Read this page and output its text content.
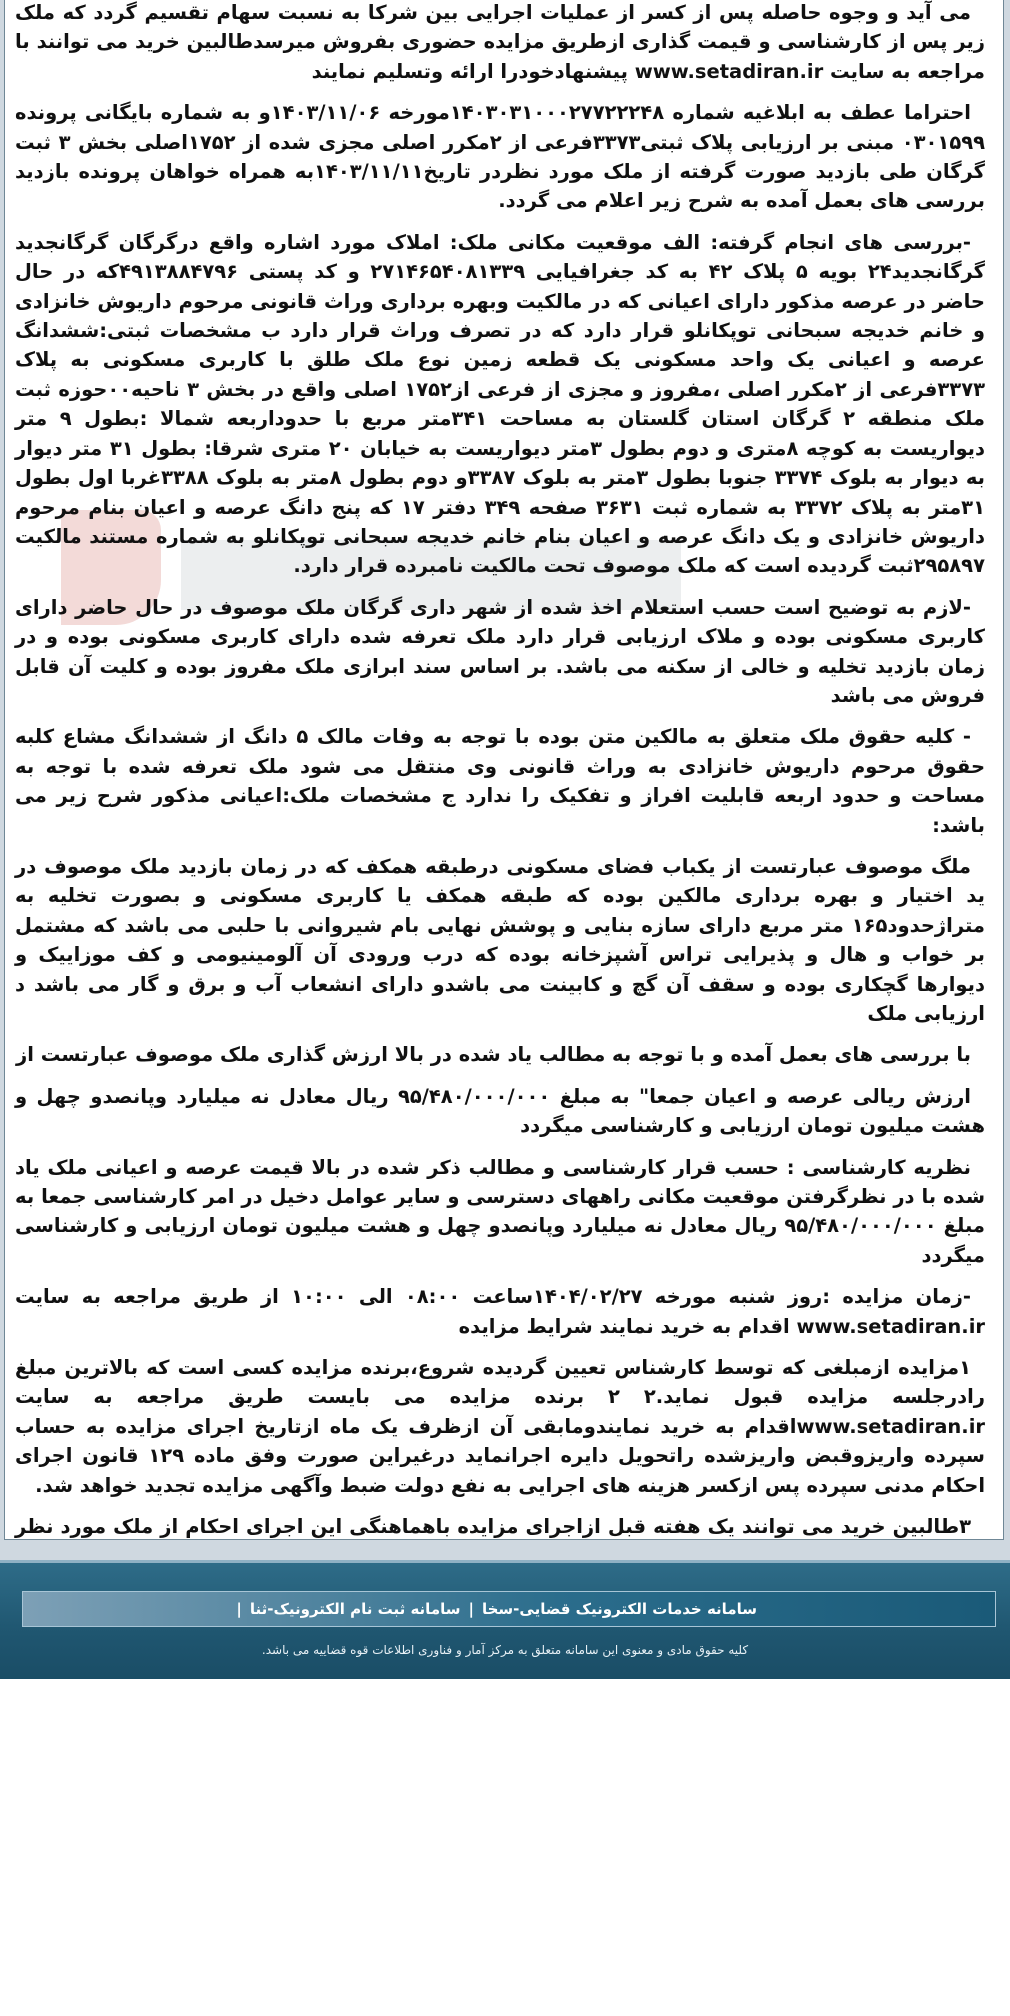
می آید و وجوه حاصله پس از کسر از عملیات اجرایی بین شرکا به نسبت سهام تقسیم گردد که ملک زیر پس از کارشناسی و قیمت گذاری ازطریق مزایده حضوری بفروش میرسدطالبین خرید می توانند با مراجعه به سایت www.setadiran.ir پیشنهادخودرا ارائه وتسلیم نمایند

احتراما عطف به ابلاغیه شماره ۱۴۰۳۰۳۱۰۰۰۲۷۷۲۲۲۴۸مورخه ۱۴۰۳/۱۱/۰۶و به شماره بایگانی پرونده ۰۳۰۱۵۹۹ مبنی بر ارزیابی پلاک ثبتی۳۳۷۳فرعی از ۲مکرر اصلی مجزی شده از ۱۷۵۲اصلی بخش ۳ ثبت گرگان طی بازدید صورت گرفته از ملک مورد نظردر تاریخ۱۴۰۳/۱۱/۱۱به همراه خواهان پرونده بازدید بررسی های بعمل آمده به شرح زیر اعلام می گردد.

-بررسی های انجام گرفته: الف موقعیت مکانی ملک: املاک مورد اشاره واقع درگرگان گرگانجدید گرگانجدید۲۴ بویه ۵ پلاک ۴۲ به کد جغرافیایی ۲۷۱۴۶۵۴۰۸۱۳۳۹ و کد پستی ۴۹۱۳۸۸۴۷۹۶که در حال حاضر در عرصه مذکور دارای اعیانی که در مالکیت وبهره برداری وراث قانونی مرحوم داریوش خانزادی و خانم خدیجه سبحانی توپکانلو قرار دارد که در تصرف وراث قرار دارد ب مشخصات ثبتی:ششدانگ عرصه و اعیانی یک واحد مسکونی یک قطعه زمین نوع ملک طلق با کاربری مسکونی به پلاک ۳۳۷۳فرعی از ۲مکرر اصلی ،مفروز و مجزی از فرعی از۱۷۵۲ اصلی واقع در بخش ۳ ناحیه۰۰حوزه ثبت ملک منطقه ۲ گرگان استان گلستان به مساحت ۳۴۱متر مربع با حدوداربعه شمالا :بطول ۹ متر دیواریست به کوچه ۸متری و دوم بطول ۳متر دیواریست به خیابان ۲۰ متری شرقا: بطول ۳۱ متر دیوار به دیوار به بلوک ۳۳۷۴ جنوبا بطول ۳متر به بلوک ۳۳۸۷و دوم بطول ۸متر به بلوک ۳۳۸۸غربا اول بطول ۳۱متر به پلاک ۳۳۷۲ به شماره ثبت ۳۶۳۱ صفحه ۳۴۹ دفتر ۱۷ که پنج دانگ عرصه و اعیان بنام مرحوم داریوش خانزادی و یک دانگ عرصه و اعیان بنام خانم خدیجه سبحانی توپکانلو به شماره مستند مالکیت ۲۹۵۸۹۷ثبت گردیده است که ملک موصوف تحت مالکیت نامبرده قرار دارد.

-لازم به توضیح است حسب استعلام اخذ شده از شهر داری گرگان ملک موصوف در حال حاضر دارای کاربری مسکونی بوده و ملاک ارزیابی قرار دارد ملک تعرفه شده دارای کاربری مسکونی بوده و در زمان بازدید تخلیه و خالی از سکنه می باشد. بر اساس سند ابرازی ملک مفروز بوده و کلیت آن قابل فروش می باشد

- کلیه حقوق ملک متعلق به مالکین متن بوده با توجه به وفات مالک ۵ دانگ از ششدانگ مشاع کلبه حقوق مرحوم داریوش خانزادی به وراث قانونی وی منتقل می شود ملک تعرفه شده با توجه به مساحت و حدود اربعه قابلیت افراز و تفکیک را ندارد ج مشخصات ملک:اعیانی مذکور شرح زیر می باشد:

ملگ موصوف عبارتست از یکباب فضای مسکونی درطبقه همکف که در زمان بازدید ملک موصوف در ید اختیار و بهره برداری مالکین بوده که طبقه همکف یا کاربری مسکونی و بصورت تخلیه به متراژحدود۱۶۵ متر مربع دارای سازه بنایی و پوشش نهایی بام شیروانی با حلبی می باشد که مشتمل بر خواب و هال و پذیرایی تراس آشپزخانه بوده که درب ورودی آن آلومینیومی و کف موزاییک و دیوارها گچکاری بوده و سقف آن گچ و کابینت می باشدو دارای انشعاب آب و برق و گار می باشد د ارزیابی ملک

با بررسی های بعمل آمده و با توجه به مطالب یاد شده در بالا ارزش گذاری ملک موصوف عبارتست از

ارزش ریالی عرصه و اعیان جمعا" به مبلغ ۹۵/۴۸۰/۰۰۰/۰۰۰ ریال معادل نه میلیارد وپانصدو چهل و هشت میلیون تومان ارزیابی و کارشناسی میگردد

نظریه کارشناسی : حسب قرار کارشناسی و مطالب ذکر شده در بالا قیمت عرصه و اعیانی ملک یاد شده با در نظرگرفتن موقعیت مکانی راههای دسترسی و سایر عوامل دخیل در امر کارشناسی جمعا به مبلغ ۹۵/۴۸۰/۰۰۰/۰۰۰ ریال معادل نه میلیارد وپانصدو چهل و هشت میلیون تومان ارزیابی و کارشناسی میگردد

-زمان مزایده :روز شنبه مورخه ۱۴۰۴/۰۲/۲۷ساعت ۰۸:۰۰ الی ۱۰:۰۰ از طریق مراجعه به سایت www.setadiran.ir اقدام به خرید نمایند شرایط مزایده

۱مزایده ازمبلغی که توسط کارشناس تعیین گردیده شروع،برنده مزایده کسی است که بالاترین مبلغ رادرجلسه مزایده قبول نماید.۲ ۲ برنده مزایده می بایست طریق مراجعه به سایت www.setadiran.irاقدام به خرید نمایندومابقی آن ازظرف یک ماه ازتاریخ اجرای مزایده به حساب سپرده واریزوقبض واریزشده راتحویل دایره اجرانماید درغیراین صورت وفق ماده ۱۲۹ قانون اجرای احکام مدنی سپرده پس ازکسر هزینه های اجرایی به نفع دولت ضبط وآگهی مزایده تجدید خواهد شد.

۳طالبین خرید می توانند یک هفته قبل ازاجرای مزایده باهماهنگی این اجرای احکام از ملک مورد نظر

سامانه خدمات الکترونیک قضایی-سخا|سامانه ثبت نام الکترونیک-ثنا|
کلیه حقوق مادی و معنوی این سامانه متعلق به مرکز آمار و فناوری اطلاعات قوه قضاییه می باشد.
